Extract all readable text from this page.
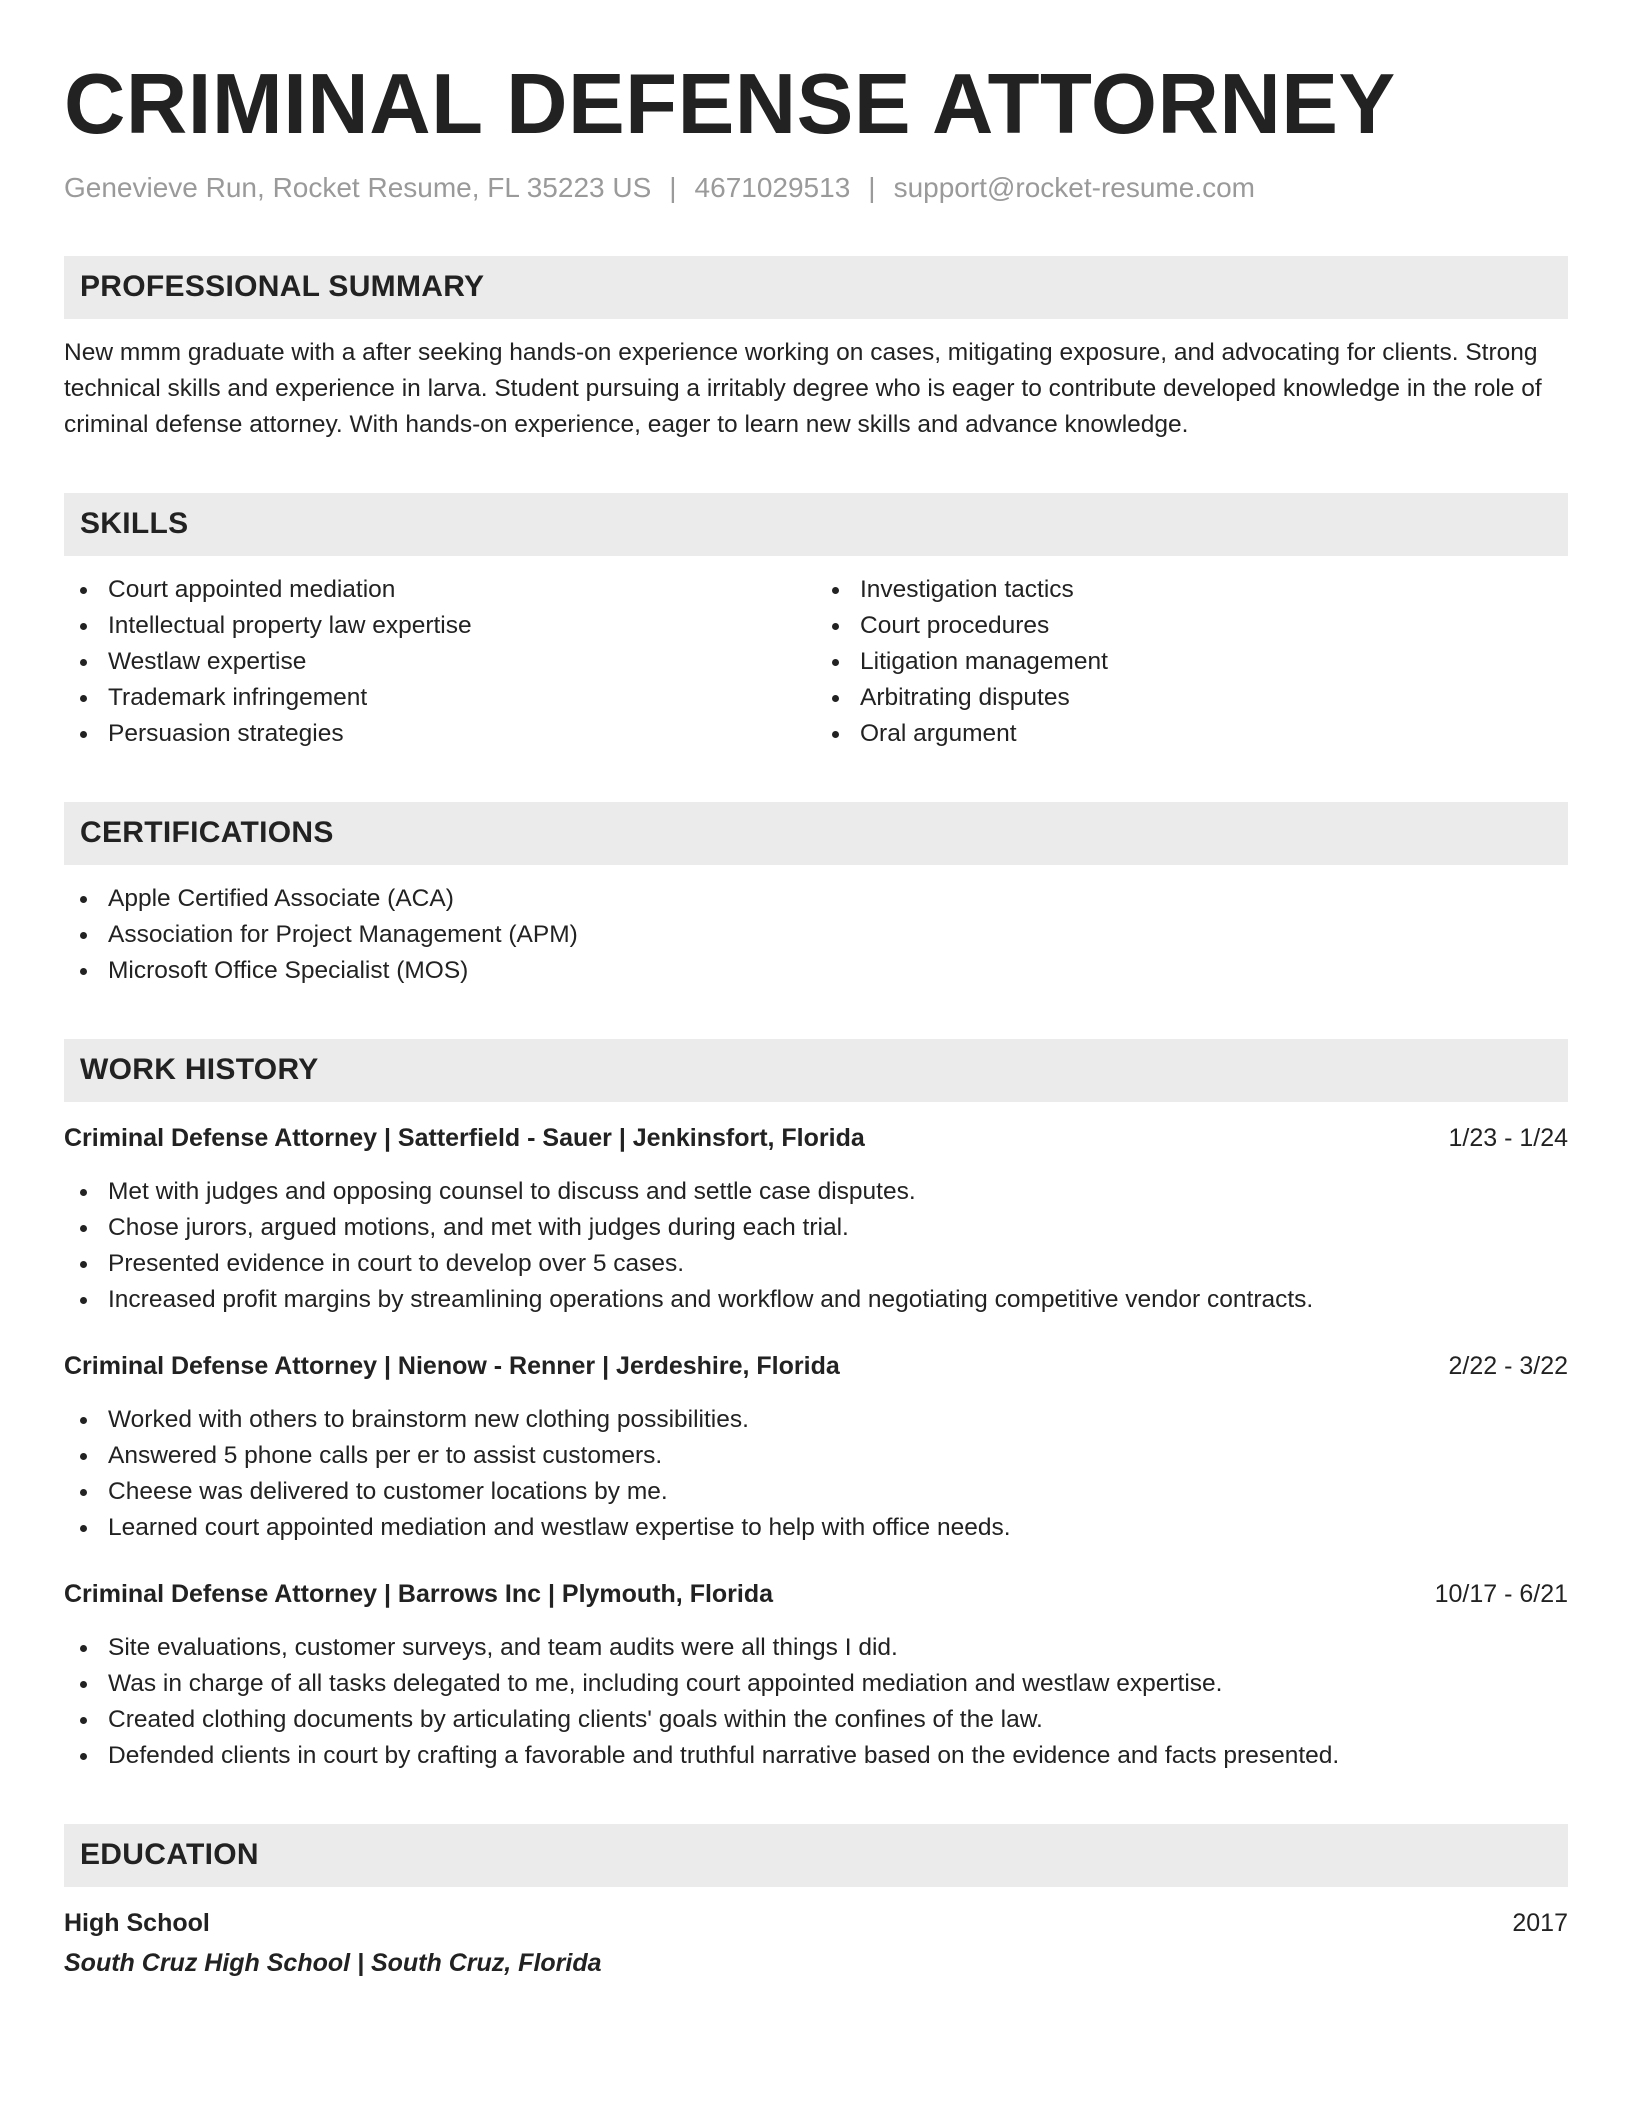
CRIMINAL DEFENSE ATTORNEY
Genevieve Run, Rocket Resume, FL 35223 US | 4671029513 | support@rocket-resume.com
PROFESSIONAL SUMMARY
New mmm graduate with a after seeking hands-on experience working on cases, mitigating exposure, and advocating for clients. Strong technical skills and experience in larva. Student pursuing a irritably degree who is eager to contribute developed knowledge in the role of criminal defense attorney. With hands-on experience, eager to learn new skills and advance knowledge.
SKILLS
Court appointed mediation
Intellectual property law expertise
Westlaw expertise
Trademark infringement
Persuasion strategies
Investigation tactics
Court procedures
Litigation management
Arbitrating disputes
Oral argument
CERTIFICATIONS
Apple Certified Associate (ACA)
Association for Project Management (APM)
Microsoft Office Specialist (MOS)
WORK HISTORY
Criminal Defense Attorney | Satterfield - Sauer | Jenkinsfort, Florida	1/23 - 1/24
Met with judges and opposing counsel to discuss and settle case disputes.
Chose jurors, argued motions, and met with judges during each trial.
Presented evidence in court to develop over 5 cases.
Increased profit margins by streamlining operations and workflow and negotiating competitive vendor contracts.
Criminal Defense Attorney | Nienow - Renner | Jerdeshire, Florida	2/22 - 3/22
Worked with others to brainstorm new clothing possibilities.
Answered 5 phone calls per er to assist customers.
Cheese was delivered to customer locations by me.
Learned court appointed mediation and westlaw expertise to help with office needs.
Criminal Defense Attorney | Barrows Inc | Plymouth, Florida	10/17 - 6/21
Site evaluations, customer surveys, and team audits were all things I did.
Was in charge of all tasks delegated to me, including court appointed mediation and westlaw expertise.
Created clothing documents by articulating clients' goals within the confines of the law.
Defended clients in court by crafting a favorable and truthful narrative based on the evidence and facts presented.
EDUCATION
High School	2017
South Cruz High School | South Cruz, Florida
